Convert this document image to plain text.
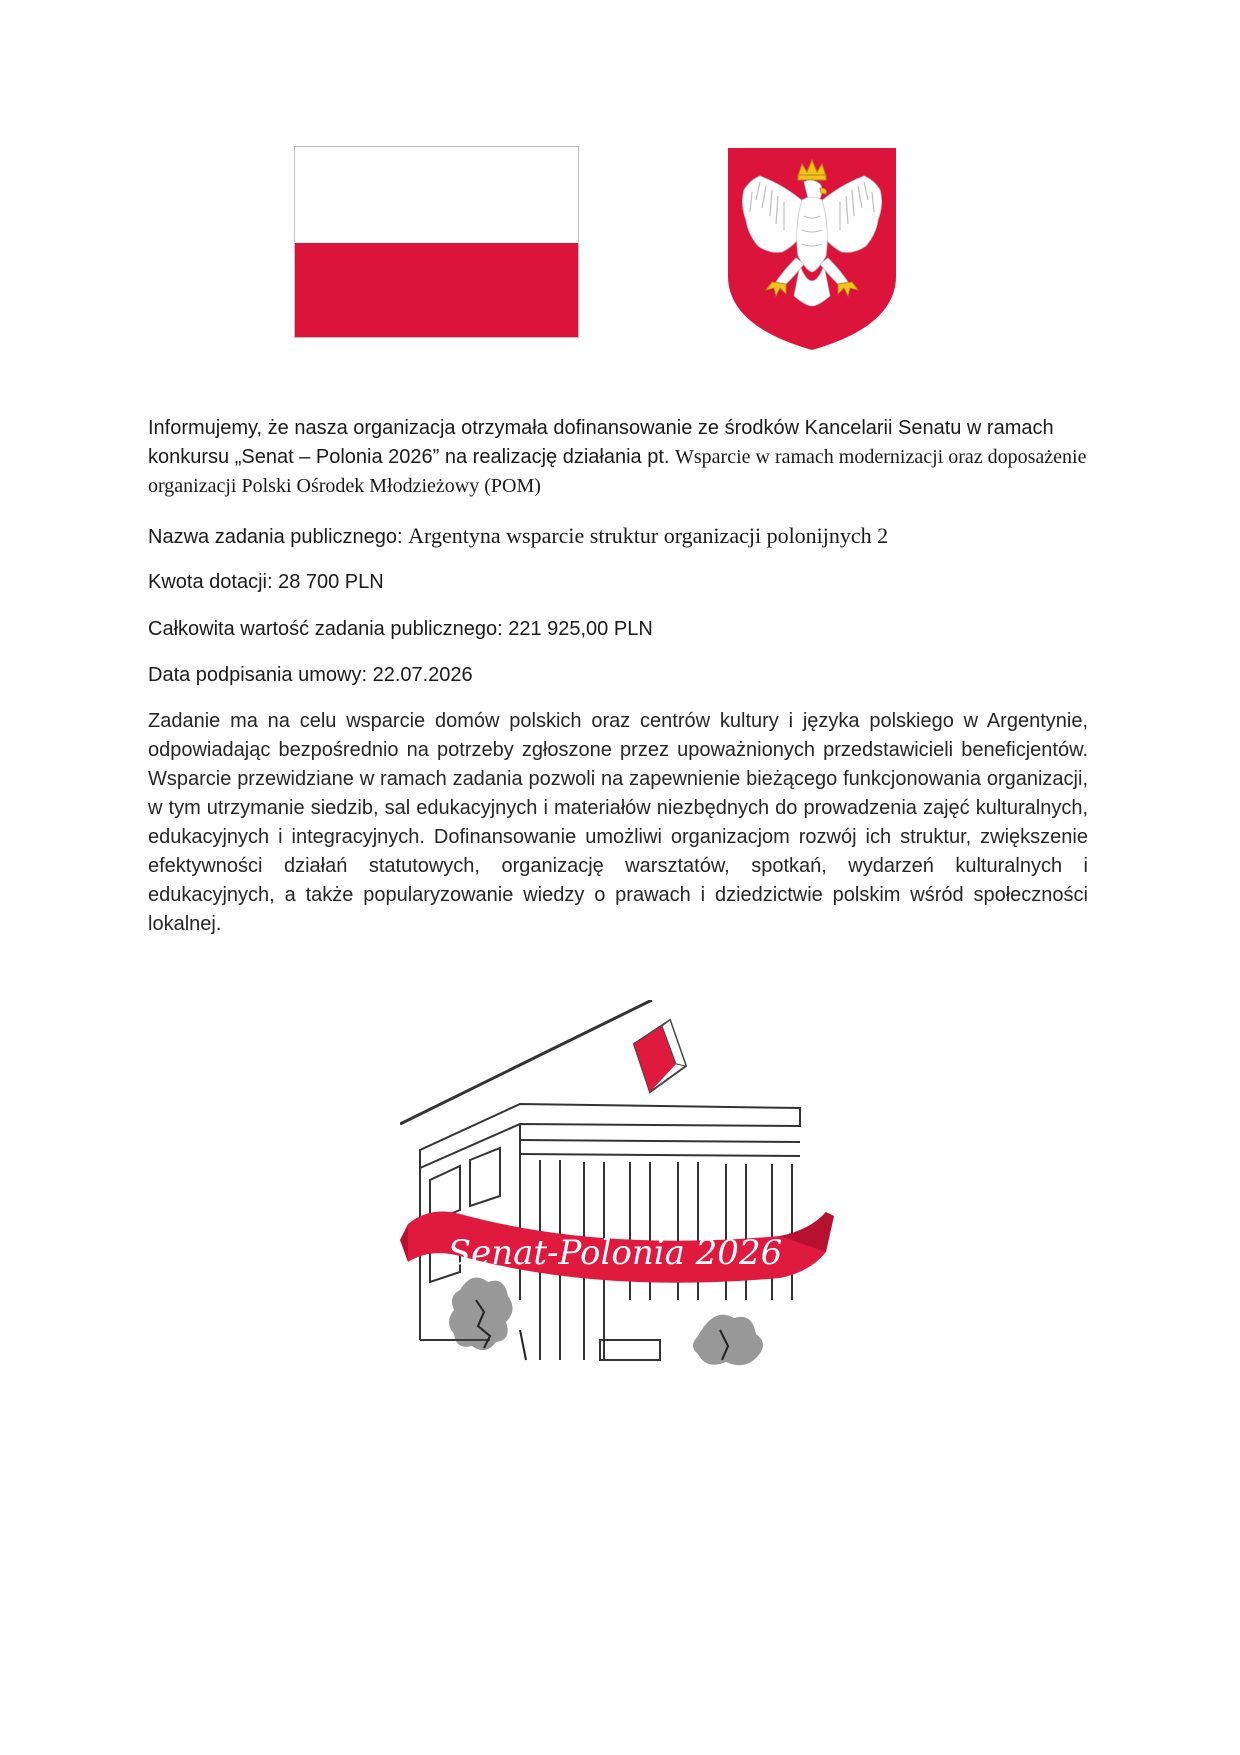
Informujemy, że nasza organizacja otrzymała dofinansowanie ze środków Kancelarii Senatu w ramach konkursu „Senat – Polonia 2026” na realizację działania pt. Wsparcie w ramach modernizacji oraz doposażenie organizacji Polski Ośrodek Młodzieżowy (POM)
Nazwa zadania publicznego: Argentyna wsparcie struktur organizacji polonijnych 2
Kwota dotacji: 28 700 PLN
Całkowita wartość zadania publicznego: 221 925,00 PLN
Data podpisania umowy: 22.07.2026
Zadanie ma na celu wsparcie domów polskich oraz centrów kultury i języka polskiego w Argentynie, odpowiadając bezpośrednio na potrzeby zgłoszone przez upoważnionych przedstawicieli beneficjentów. Wsparcie przewidziane w ramach zadania pozwoli na zapewnienie bieżącego funkcjonowania organizacji, w tym utrzymanie siedzib, sal edukacyjnych i materiałów niezbędnych do prowadzenia zajęć kulturalnych, edukacyjnych i integracyjnych. Dofinansowanie umożliwi organizacjom rozwój ich struktur, zwiększenie efektywności działań statutowych, organizację warsztatów, spotkań, wydarzeń kulturalnych i edukacyjnych, a także popularyzowanie wiedzy o prawach i dziedzictwie polskim wśród społeczności lokalnej.
Senat-Polonia 2026
